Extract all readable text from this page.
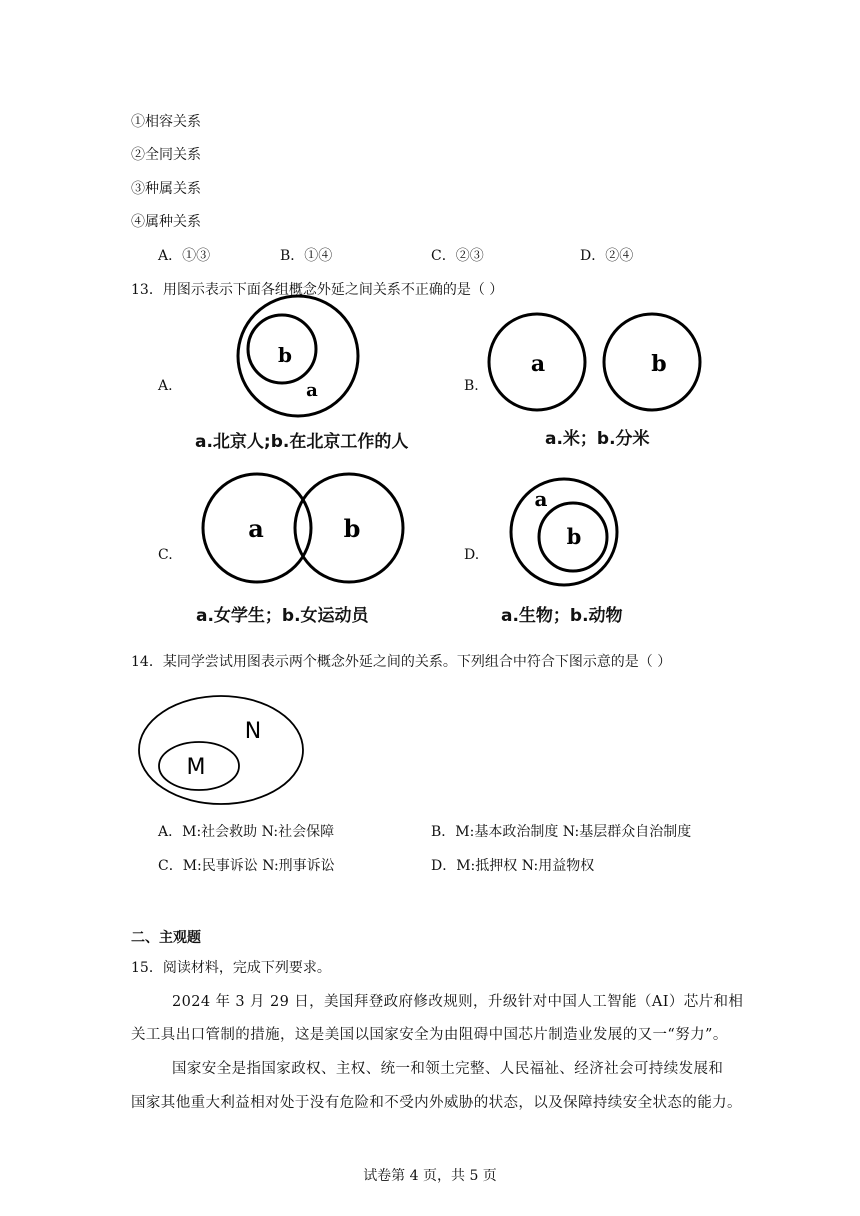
①相容关系
②全同关系
③种属关系
④属种关系
A．①③	B．①④	C．②③	D．②④
13．用图示表示下面各组概念外延之间关系不正确的是（ ）
A.	B.
C.	D.
b
a
a	b
a	b
a
b
N
M
a.北京人;b.在北京工作的人	a.米；b.分米
a.女学生；b.女运动员	a.生物；b.动物
14．某同学尝试用图表示两个概念外延之间的关系。下列组合中符合下图示意的是（ ）
A．M:社会救助 N:社会保障	B．M:基本政治制度 N:基层群众自治制度
C．M:民事诉讼 N:刑事诉讼	D．M:抵押权 N:用益物权
二、主观题
15．阅读材料，完成下列要求。
2024 年 3 月 29 日，美国拜登政府修改规则，升级针对中国人工智能（AI）芯片和相
关工具出口管制的措施，这是美国以国家安全为由阻碍中国芯片制造业发展的又一“努力”。
国家安全是指国家政权、主权、统一和领土完整、人民福祉、经济社会可持续发展和
国家其他重大利益相对处于没有危险和不受内外威胁的状态，以及保障持续安全状态的能力。
试卷第 4 页，共 5 页
